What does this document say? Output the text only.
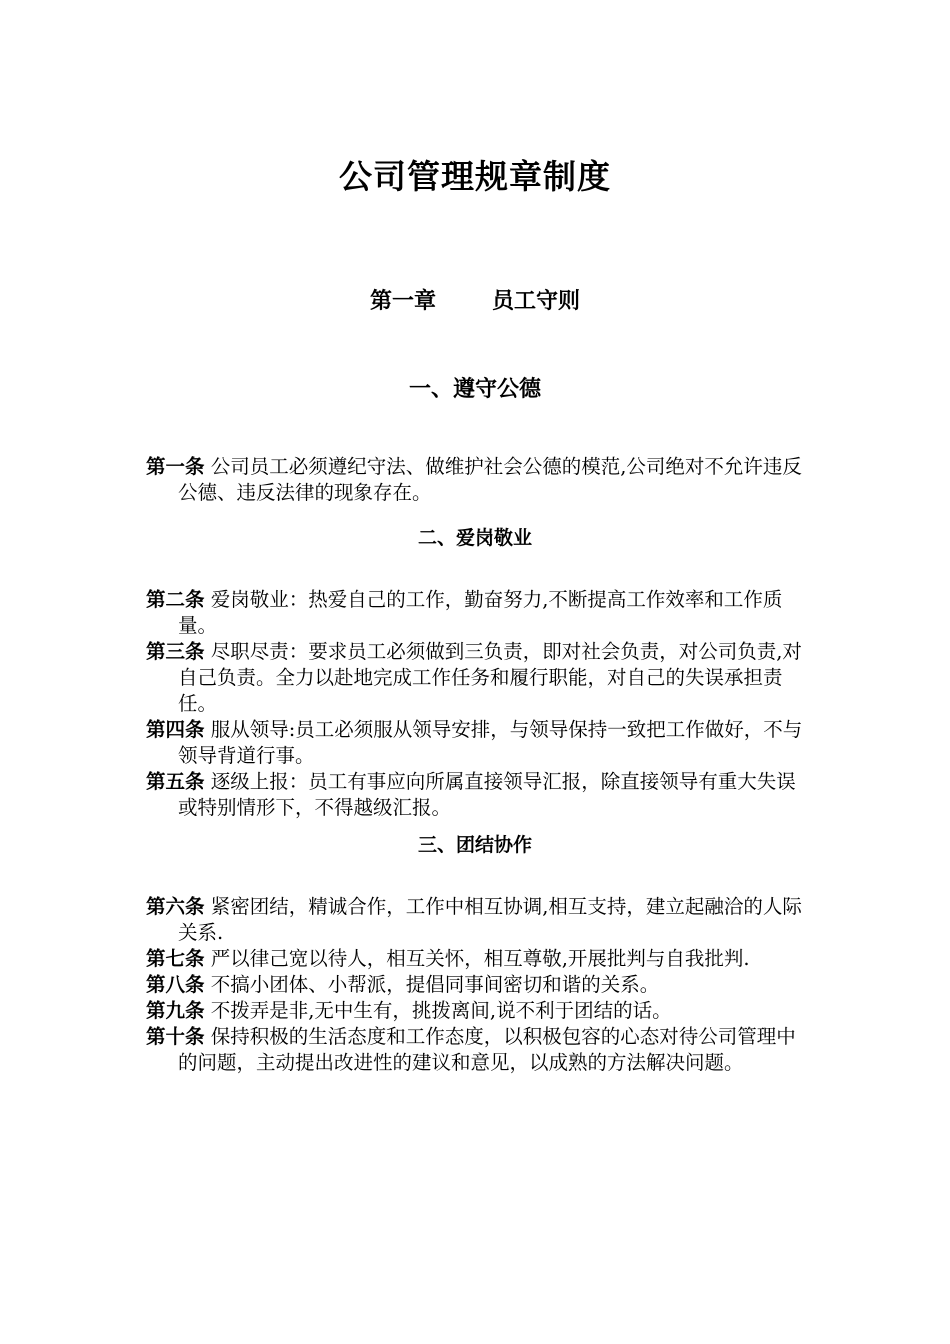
公司管理规章制度
第一章	员工守则
一、遵守公德

第一条 公司员工必须遵纪守法、做维护社会公德的模范,公司绝对不允许违反公德、违反法律的现象存在。

二、爱岗敬业

第二条 爱岗敬业：热爱自己的工作，勤奋努力,不断提高工作效率和工作质量。

第三条 尽职尽责：要求员工必须做到三负责，即对社会负责，对公司负责,对自己负责。全力以赴地完成工作任务和履行职能，对自己的失误承担责任。

第四条 服从领导:员工必须服从领导安排，与领导保持一致把工作做好，不与领导背道行事。

第五条 逐级上报：员工有事应向所属直接领导汇报，除直接领导有重大失误或特别情形下，不得越级汇报。

三、团结协作

第六条 紧密团结，精诚合作，工作中相互协调,相互支持，建立起融洽的人际关系.

第七条 严以律己宽以待人，相互关怀，相互尊敬,开展批判与自我批判.

第八条 不搞小团体、小帮派，提倡同事间密切和谐的关系。

第九条 不拨弄是非,无中生有，挑拨离间,说不利于团结的话。

第十条 保持积极的生活态度和工作态度，以积极包容的心态对待公司管理中的问题，主动提出改进性的建议和意见，以成熟的方法解决问题。
